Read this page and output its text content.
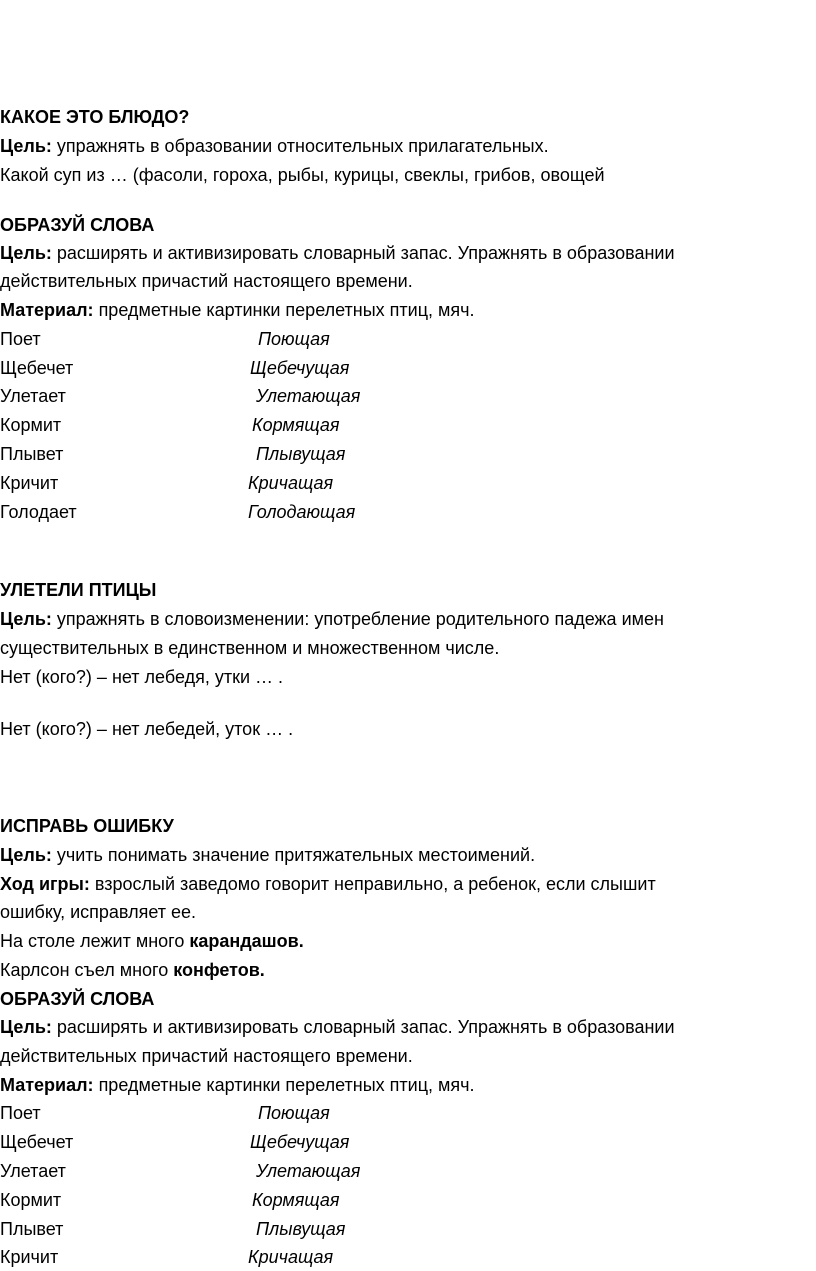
КАКОЕ ЭТО БЛЮДО?
Цель: упражнять в образовании относительных прилагательных.
Какой суп из … (фасоли, гороха, рыбы, курицы, свеклы, грибов, овощей
ОБРАЗУЙ СЛОВА
Цель: расширять и активизировать словарный запас. Упражнять в образовании
действительных причастий настоящего времени.
Материал: предметные картинки перелетных птиц, мяч.
Поет	Поющая
Щебечет	Щебечущая
Улетает	Улетающая
Кормит	Кормящая
Плывет	Плывущая
Кричит	Кричащая
Голодает	Голодающая
УЛЕТЕЛИ ПТИЦЫ
Цель: упражнять в словоизменении: употребление родительного падежа имен
существительных в единственном и множественном числе.
Нет (кого?) – нет лебедя, утки … .
Нет (кого?) – нет лебедей, уток … .
ИСПРАВЬ ОШИБКУ
Цель: учить понимать значение притяжательных местоимений.
Ход игры: взрослый заведомо говорит неправильно, а ребенок, если слышит
ошибку, исправляет ее.
На столе лежит много карандашов.
Карлсон съел много конфетов.
ОБРАЗУЙ СЛОВА
Цель: расширять и активизировать словарный запас. Упражнять в образовании
действительных причастий настоящего времени.
Материал: предметные картинки перелетных птиц, мяч.
Поет	Поющая
Щебечет	Щебечущая
Улетает	Улетающая
Кормит	Кормящая
Плывет	Плывущая
Кричит	Кричащая
